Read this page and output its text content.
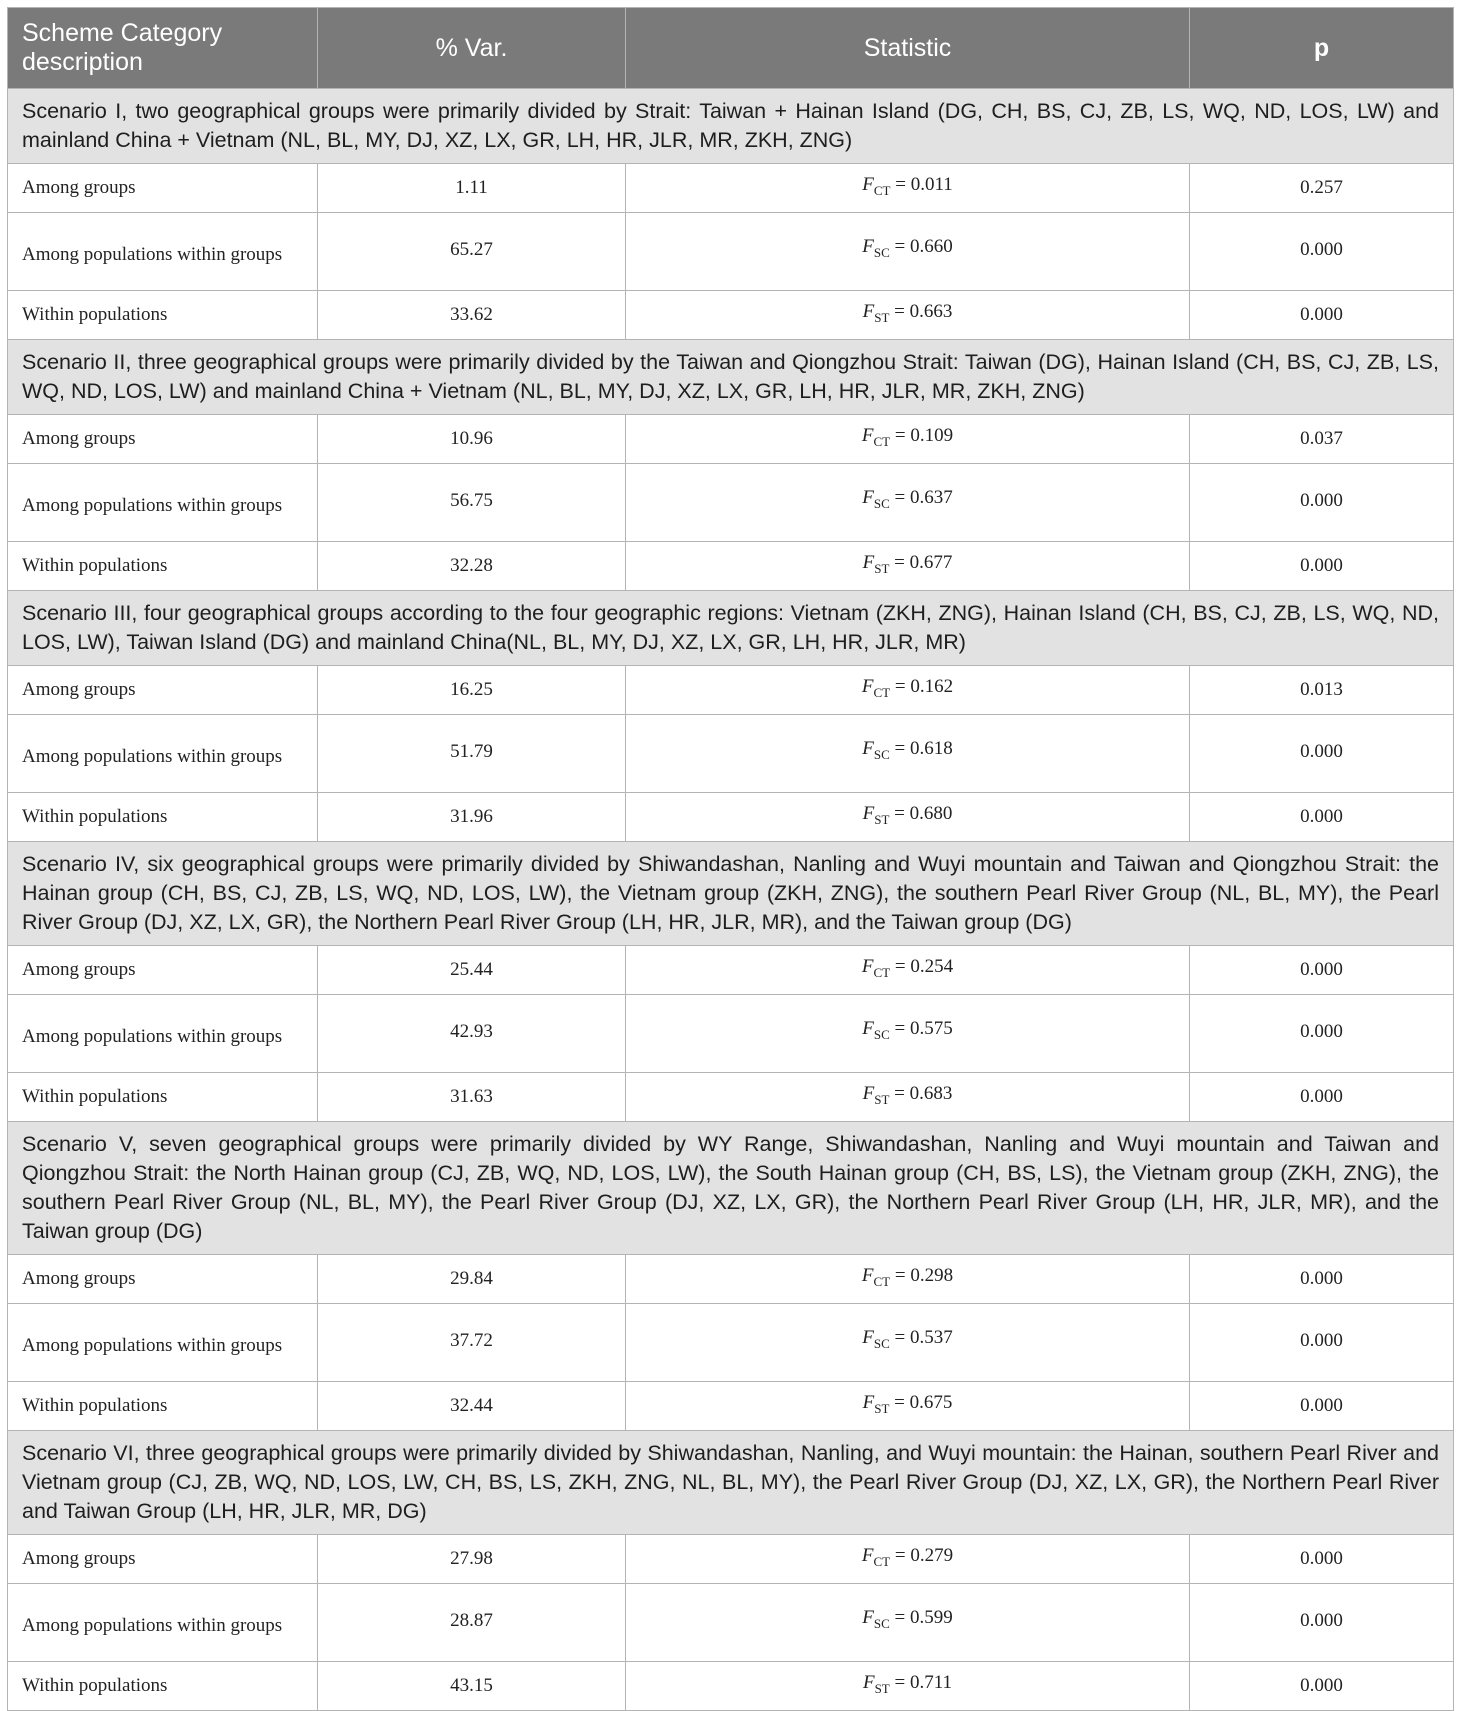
Scheme Category description	% Var.	Statistic	p
Scenario I, two geographical groups were primarily divided by Strait: Taiwan + Hainan Island (DG, CH, BS, CJ, ZB, LS, WQ, ND, LOS, LW) and mainland China + Vietnam (NL, BL, MY, DJ, XZ, LX, GR, LH, HR, JLR, MR, ZKH, ZNG)			
Among groups	1.11	$F_{CT} = 0.011$	0.257
Among populations within groups	65.27	$F_{SC} = 0.660$	0.000
Within populations	33.62	$F_{ST} = 0.663$	0.000
Scenario II, three geographical groups were primarily divided by the Taiwan and Qiongzhou Strait: Taiwan (DG), Hainan Island (CH, BS, CJ, ZB, LS, WQ, ND, LOS, LW) and mainland China + Vietnam (NL, BL, MY, DJ, XZ, LX, GR, LH, HR, JLR, MR, ZKH, ZNG)			
Among groups	10.96	$F_{CT} = 0.109$	0.037
Among populations within groups	56.75	$F_{SC} = 0.637$	0.000
Within populations	32.28	$F_{ST} = 0.677$	0.000
Scenario III, four geographical groups according to the four geographic regions: Vietnam (ZKH, ZNG), Hainan Island (CH, BS, CJ, ZB, LS, WQ, ND, LOS, LW), Taiwan Island (DG) and mainland China(NL, BL, MY, DJ, XZ, LX, GR, LH, HR, JLR, MR)			
Among groups	16.25	$F_{CT} = 0.162$	0.013
Among populations within groups	51.79	$F_{SC} = 0.618$	0.000
Within populations	31.96	$F_{ST} = 0.680$	0.000
Scenario IV, six geographical groups were primarily divided by Shiwandashan, Nanling and Wuyi mountain and Taiwan and Qiongzhou Strait: the Hainan group (CH, BS, CJ, ZB, LS, WQ, ND, LOS, LW), the Vietnam group (ZKH, ZNG), the southern Pearl River Group (NL, BL, MY), the Pearl River Group (DJ, XZ, LX, GR), the Northern Pearl River Group (LH, HR, JLR, MR), and the Taiwan group (DG)			
Among groups	25.44	$F_{CT} = 0.254$	0.000
Among populations within groups	42.93	$F_{SC} = 0.575$	0.000
Within populations	31.63	$F_{ST} = 0.683$	0.000
Scenario V, seven geographical groups were primarily divided by WY Range, Shiwandashan, Nanling and Wuyi mountain and Taiwan and Qiongzhou Strait: the North Hainan group (CJ, ZB, WQ, ND, LOS, LW), the South Hainan group (CH, BS, LS), the Vietnam group (ZKH, ZNG), the southern Pearl River Group (NL, BL, MY), the Pearl River Group (DJ, XZ, LX, GR), the Northern Pearl River Group (LH, HR, JLR, MR), and the Taiwan group (DG)			
Among groups	29.84	$F_{CT} = 0.298$	0.000
Among populations within groups	37.72	$F_{SC} = 0.537$	0.000
Within populations	32.44	$F_{ST} = 0.675$	0.000
Scenario VI, three geographical groups were primarily divided by Shiwandashan, Nanling, and Wuyi mountain: the Hainan, southern Pearl River and Vietnam group (CJ, ZB, WQ, ND, LOS, LW, CH, BS, LS, ZKH, ZNG, NL, BL, MY), the Pearl River Group (DJ, XZ, LX, GR), the Northern Pearl River and Taiwan Group (LH, HR, JLR, MR, DG)			
Among groups	27.98	$F_{CT} = 0.279$	0.000
Among populations within groups	28.87	$F_{SC} = 0.599$	0.000
Within populations	43.15	$F_{ST} = 0.711$	0.000
